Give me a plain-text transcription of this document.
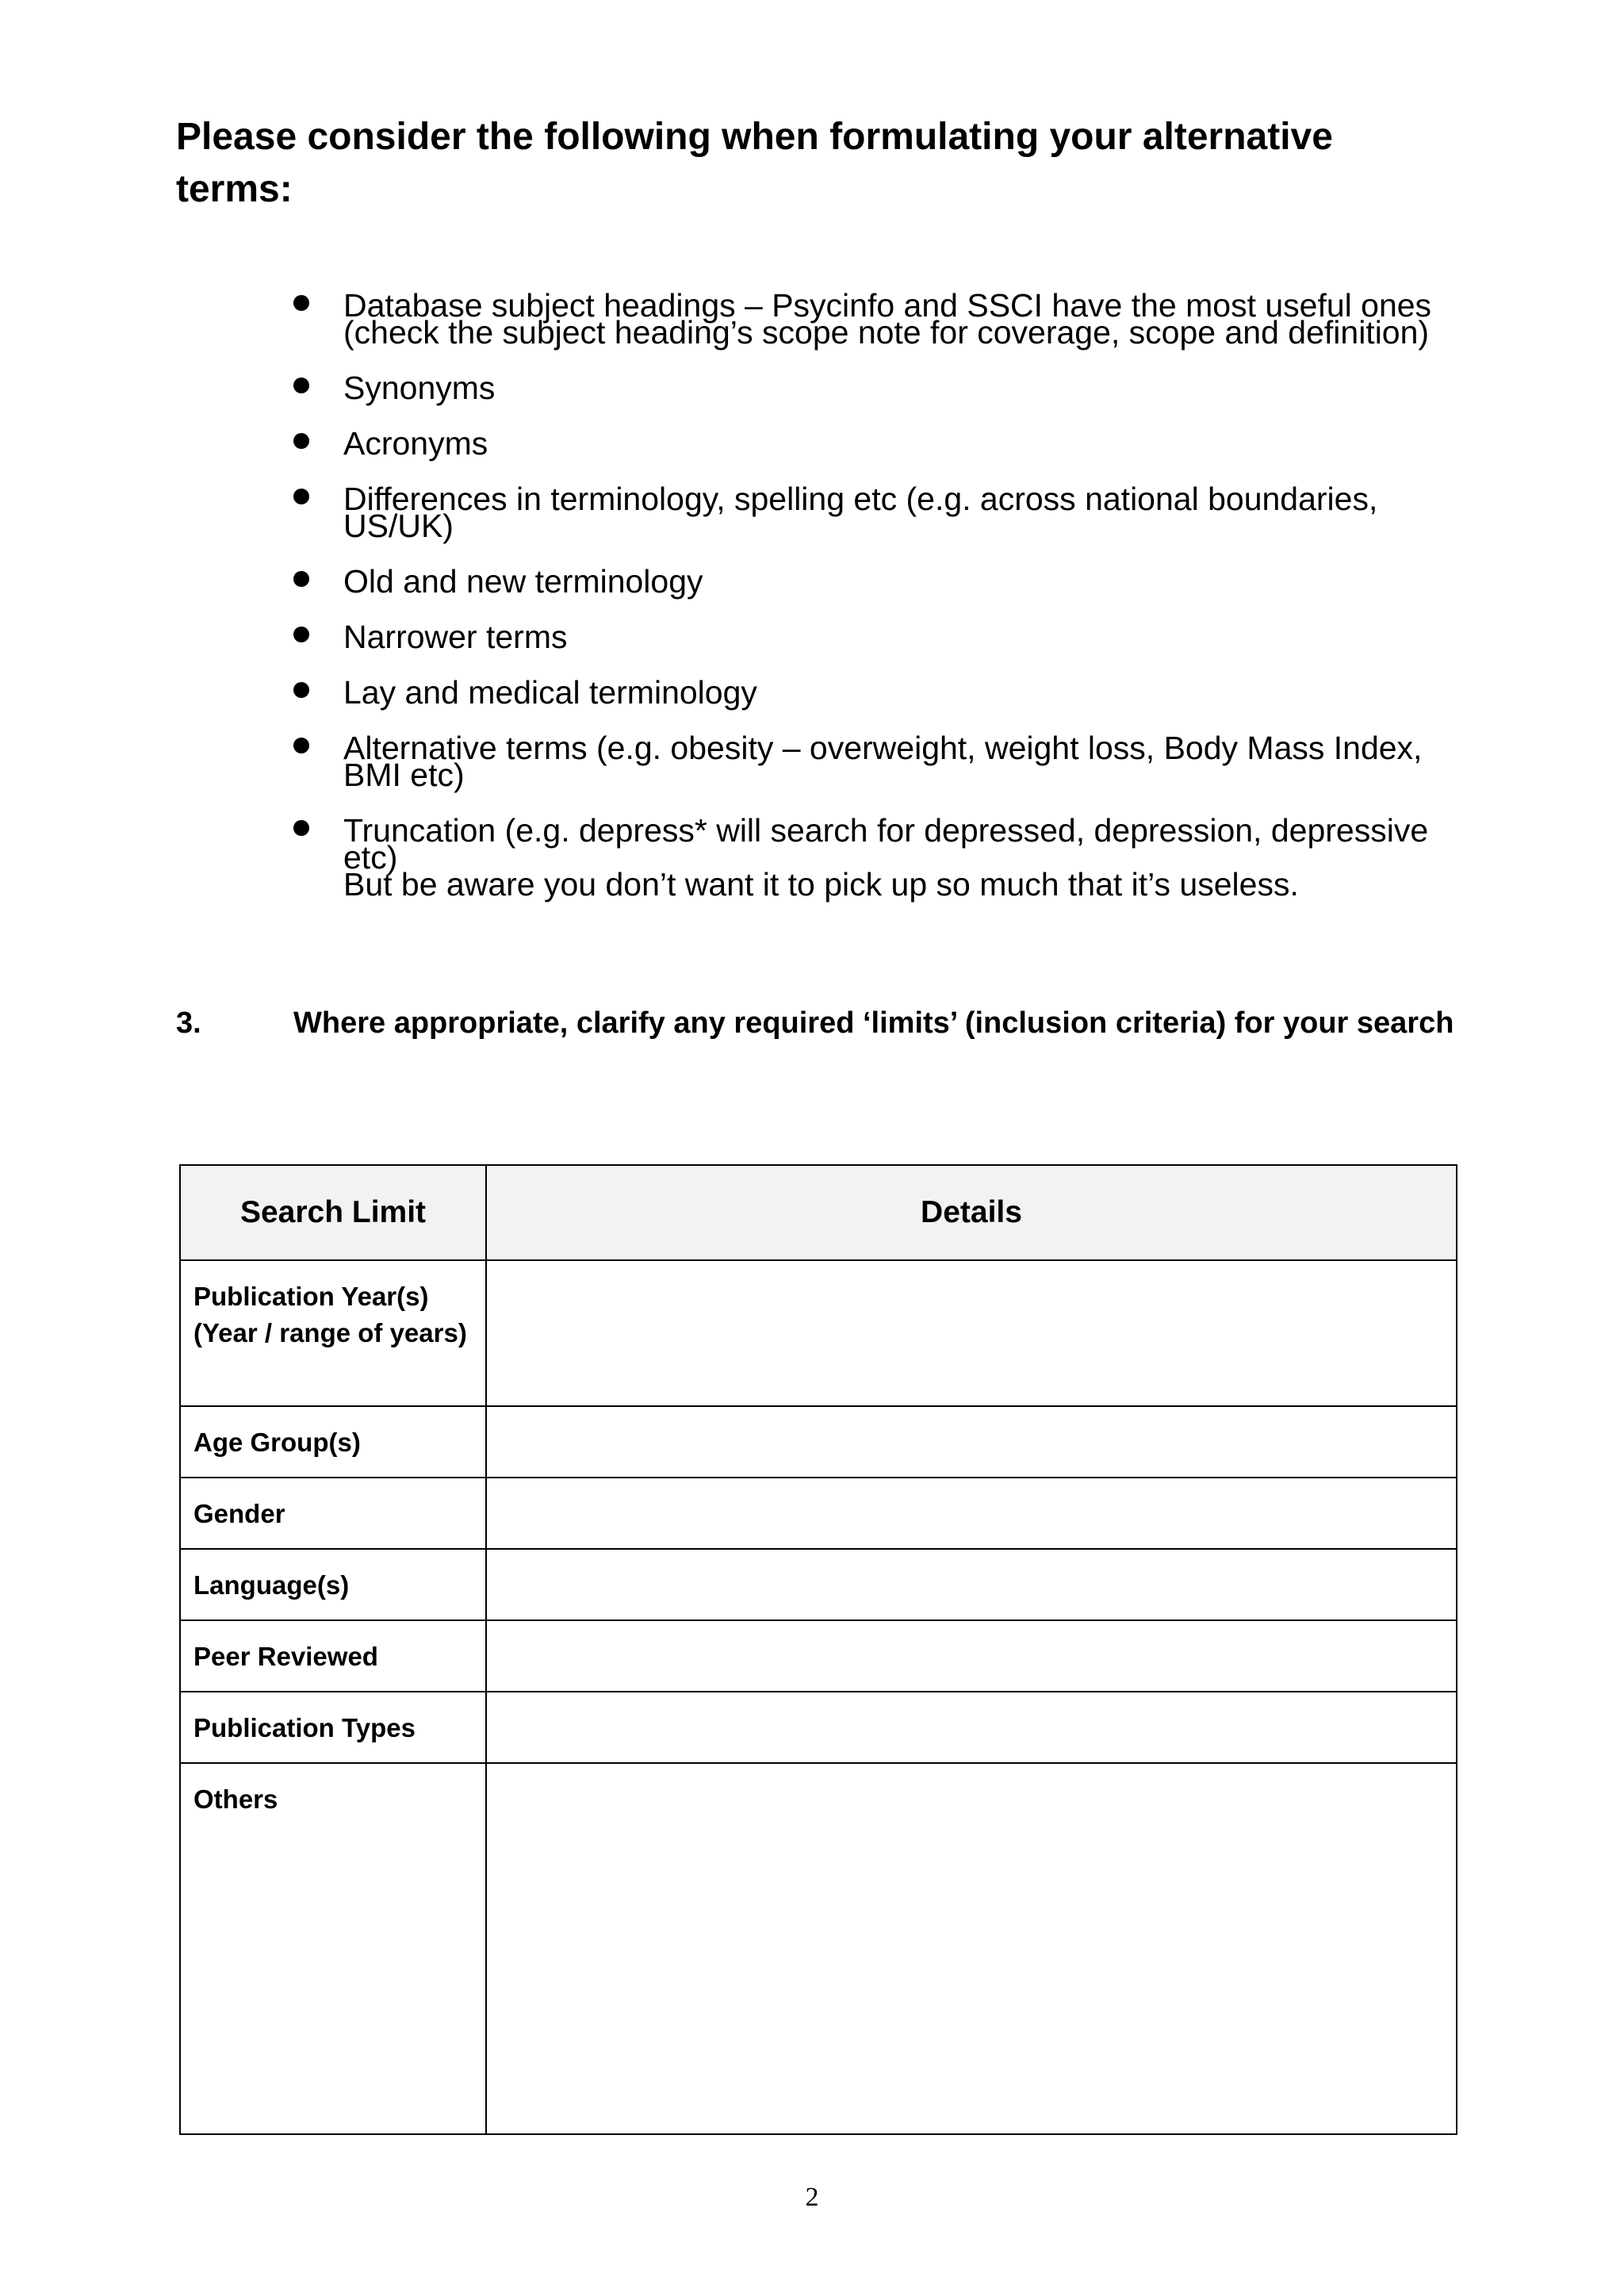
Please consider the following when formulating your alternative terms:
Database subject headings – Psycinfo and SSCI have the most useful ones (check the subject heading’s scope note for coverage, scope and definition)
Synonyms
Acronyms
Differences in terminology, spelling etc (e.g. across national boundaries, US/UK)
Old and new terminology
Narrower terms
Lay and medical terminology
Alternative terms (e.g. obesity – overweight, weight loss, Body Mass Index, BMI etc)
Truncation (e.g. depress* will search for depressed, depression, depressive etc)
But be aware you don’t want it to pick up so much that it’s useless.
3.	Where appropriate, clarify any required ‘limits’ (inclusion criteria) for your search
Search Limit	Details
Publication Year(s) (Year / range of years)	
Age Group(s)	
Gender	
Language(s)	
Peer Reviewed	
Publication Types	
Others	
2
